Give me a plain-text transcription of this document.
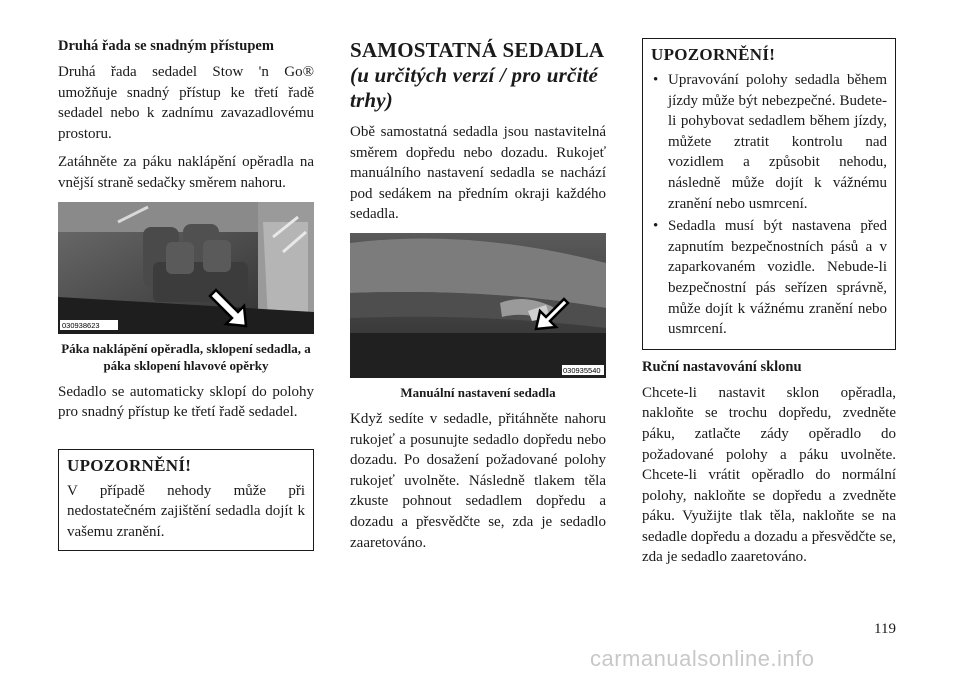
Druhá řada se snadným přístupem

Druhá řada sedadel Stow 'n Go® umožňuje snadný přístup ke třetí řadě sedadel nebo k zadnímu zavazadlovému prostoru.

Zatáhněte za páku naklápění opěradla na vnější straně sedačky směrem nahoru.

030938623
Páka naklápění opěradla, sklopení sedadla, a páka sklopení hlavové opěrky

Sedadlo se automaticky sklopí do polohy pro snadný přístup ke třetí řadě sedadel.

UPOZORNĚNÍ!

V případě nehody může při nedostatečném zajištění sedadla dojít k vašemu zranění.

SAMOSTATNÁ SEDADLA
(u určitých verzí / pro určité trhy)

Obě samostatná sedadla jsou nastavitelná směrem dopředu nebo dozadu. Rukojeť manuálního nastavení sedadla se nachází pod sedákem na předním okraji každého sedadla.

030935540
Manuální nastavení sedadla

Když sedíte v sedadle, přitáhněte nahoru rukojeť a posunujte sedadlo dopředu nebo dozadu. Po dosažení požadované polohy rukojeť uvolněte. Následně tlakem těla zkuste pohnout sedadlem dopředu a dozadu a přesvědčte se, zda je sedadlo zaaretováno.

UPOZORNĚNÍ!
• Upravování polohy sedadla během jízdy může být nebezpečné. Budete-li pohybovat sedadlem během jízdy, můžete ztratit kontrolu nad vozidlem a způsobit nehodu, následně může dojít k vážnému zranění nebo usmrcení.
• Sedadla musí být nastavena před zapnutím bezpečnostních pásů a v zaparkovaném vozidle. Nebude-li bezpečnostní pás seřízen správně, může dojít k vážnému zranění nebo usmrcení.
Ruční nastavování sklonu

Chcete-li nastavit sklon opěradla, nakloňte se trochu dopředu, zvedněte páku, zatlačte zády opěradlo do požadované polohy a páku uvolněte. Chcete-li vrátit opěradlo do normální polohy, nakloňte se dopředu a zvedněte páku. Využijte tlak těla, nakloňte se na sedadle dopředu a dozadu a přesvědčte se, zda je sedadlo zaaretováno.

119
carmanualsonline.info
